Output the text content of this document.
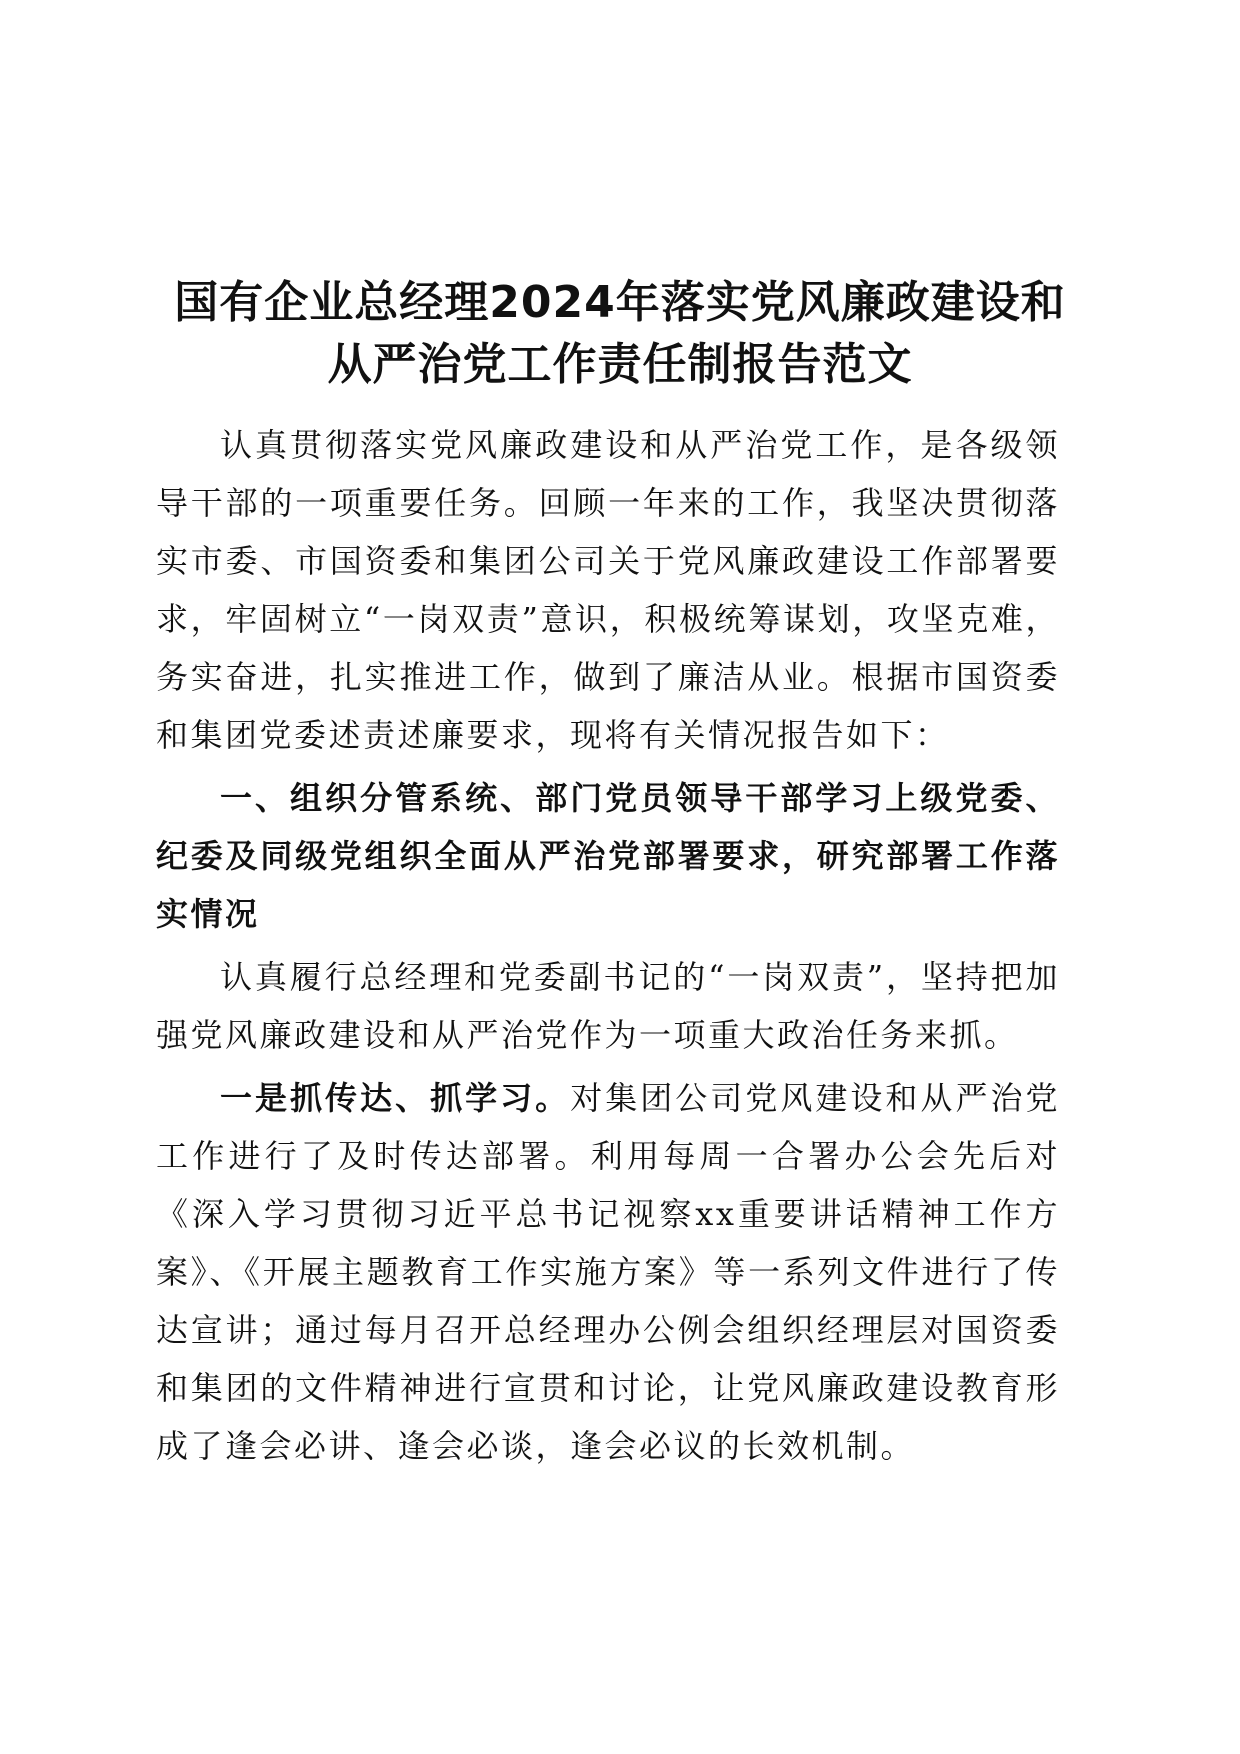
国有企业总经理2024年落实党风廉政建设和
从严治党工作责任制报告范文

认真贯彻落实党风廉政建设和从严治党工作，是各级领导干部的一项重要任务。回顾一年来的工作，我坚决贯彻落实市委、市国资委和集团公司关于党风廉政建设工作部署要求，牢固树立“一岗双责”意识，积极统筹谋划，攻坚克难，务实奋进，扎实推进工作，做到了廉洁从业。根据市国资委和集团党委述责述廉要求，现将有关情况报告如下：

一、组织分管系统、部门党员领导干部学习上级党委、纪委及同级党组织全面从严治党部署要求，研究部署工作落实情况

认真履行总经理和党委副书记的“一岗双责”，坚持把加强党风廉政建设和从严治党作为一项重大政治任务来抓。

一是抓传达、抓学习。对集团公司党风建设和从严治党工作进行了及时传达部署。利用每周一合署办公会先后对《深入学习贯彻习近平总书记视察xx重要讲话精神工作方案》、《开展主题教育工作实施方案》等一系列文件进行了传达宣讲；通过每月召开总经理办公例会组织经理层对国资委和集团的文件精神进行宣贯和讨论，让党风廉政建设教育形成了逢会必讲、逢会必谈，逢会必议的长效机制。
